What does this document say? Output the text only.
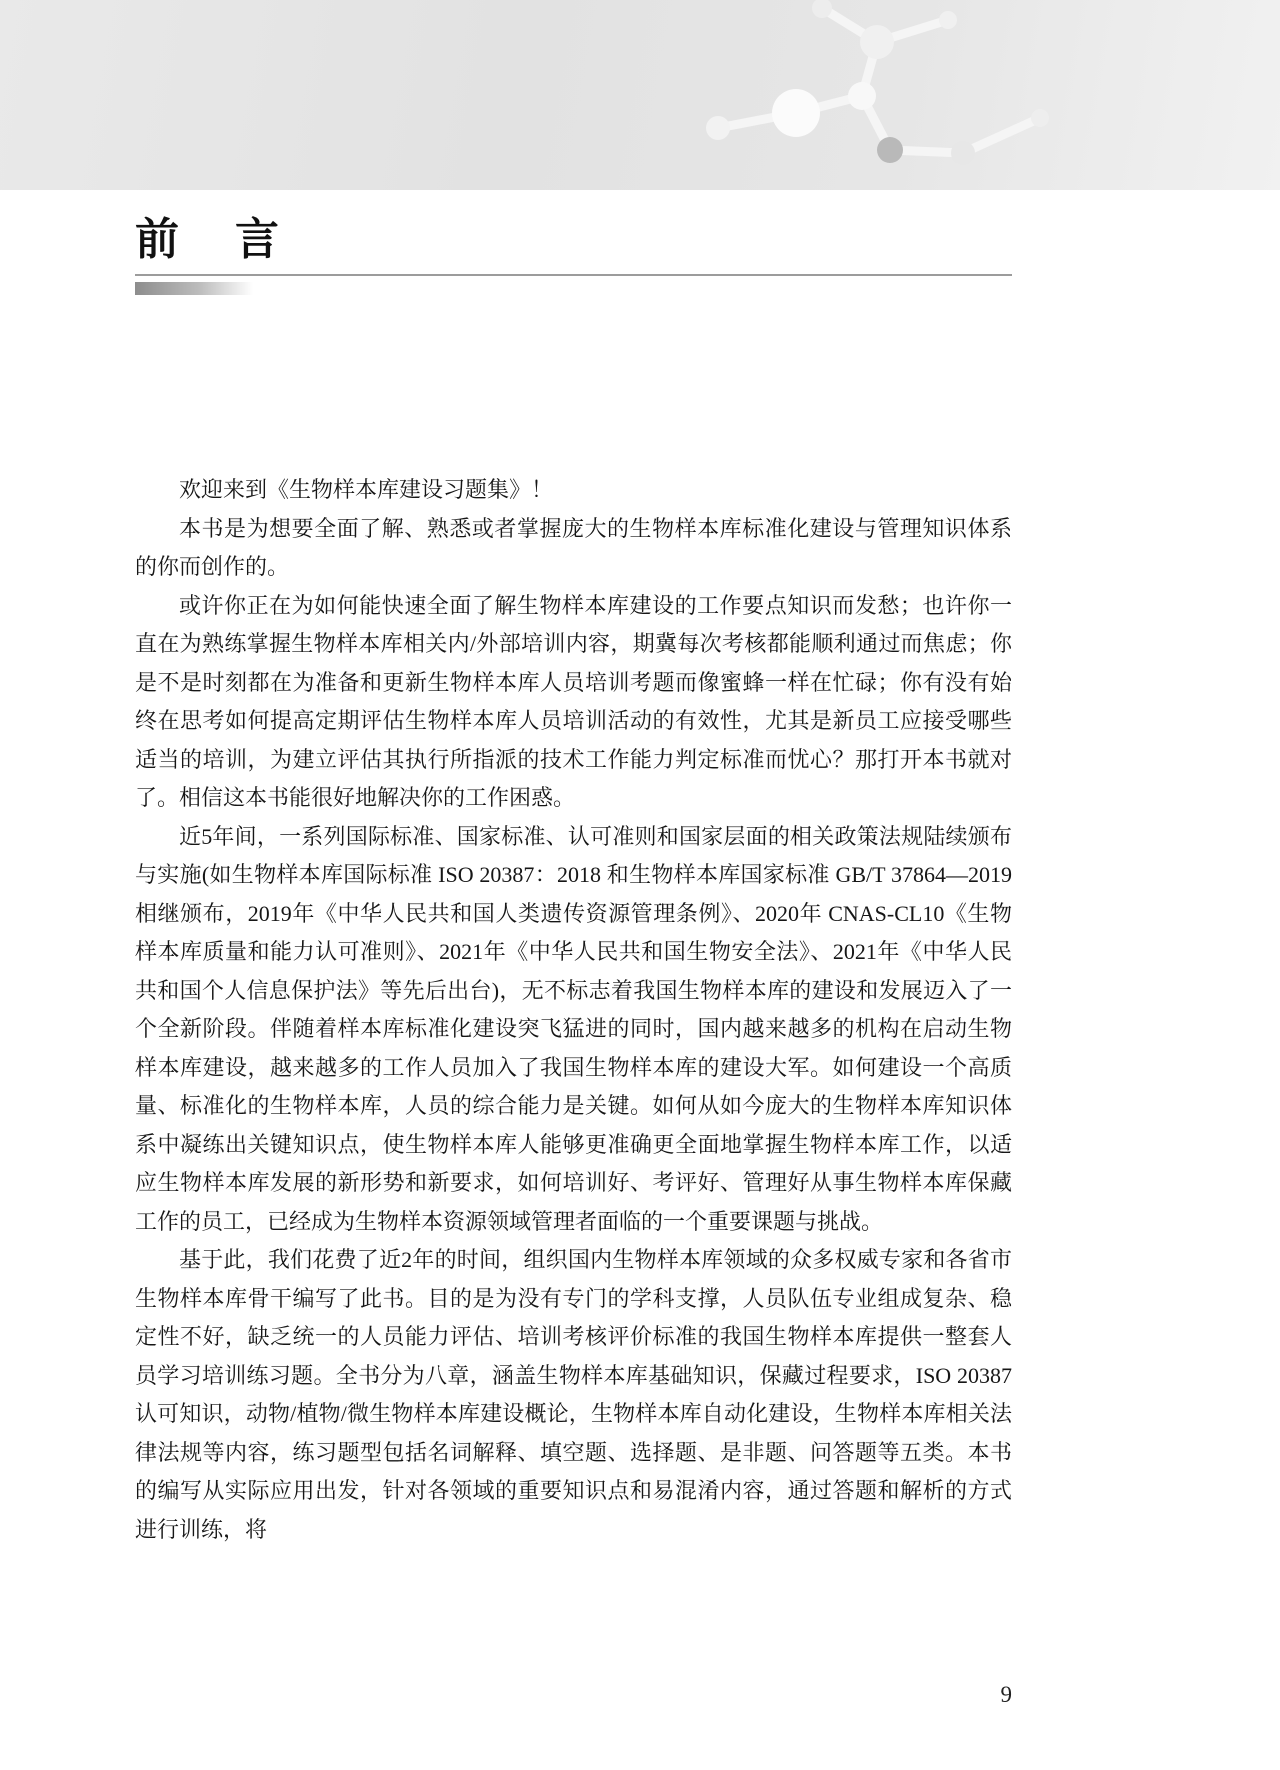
前　言

欢迎来到《生物样本库建设习题集》！

本书是为想要全面了解、熟悉或者掌握庞大的生物样本库标准化建设与管理知识体系的你而创作的。

或许你正在为如何能快速全面了解生物样本库建设的工作要点知识而发愁；也许你一直在为熟练掌握生物样本库相关内/外部培训内容，期冀每次考核都能顺利通过而焦虑；你是不是时刻都在为准备和更新生物样本库人员培训考题而像蜜蜂一样在忙碌；你有没有始终在思考如何提高定期评估生物样本库人员培训活动的有效性，尤其是新员工应接受哪些适当的培训，为建立评估其执行所指派的技术工作能力判定标准而忧心？那打开本书就对了。相信这本书能很好地解决你的工作困惑。

近5年间，一系列国际标准、国家标准、认可准则和国家层面的相关政策法规陆续颁布与实施(如生物样本库国际标准 ISO 20387：2018 和生物样本库国家标准 GB/T 37864—2019 相继颁布，2019年《中华人民共和国人类遗传资源管理条例》、2020年 CNAS-CL10《生物样本库质量和能力认可准则》、2021年《中华人民共和国生物安全法》、2021年《中华人民共和国个人信息保护法》等先后出台)，无不标志着我国生物样本库的建设和发展迈入了一个全新阶段。伴随着样本库标准化建设突飞猛进的同时，国内越来越多的机构在启动生物样本库建设，越来越多的工作人员加入了我国生物样本库的建设大军。如何建设一个高质量、标准化的生物样本库，人员的综合能力是关键。如何从如今庞大的生物样本库知识体系中凝练出关键知识点，使生物样本库人能够更准确更全面地掌握生物样本库工作，以适应生物样本库发展的新形势和新要求，如何培训好、考评好、管理好从事生物样本库保藏工作的员工，已经成为生物样本资源领域管理者面临的一个重要课题与挑战。

基于此，我们花费了近2年的时间，组织国内生物样本库领域的众多权威专家和各省市生物样本库骨干编写了此书。目的是为没有专门的学科支撑，人员队伍专业组成复杂、稳定性不好，缺乏统一的人员能力评估、培训考核评价标准的我国生物样本库提供一整套人员学习培训练习题。全书分为八章，涵盖生物样本库基础知识，保藏过程要求，ISO 20387 认可知识，动物/植物/微生物样本库建设概论，生物样本库自动化建设，生物样本库相关法律法规等内容，练习题型包括名词解释、填空题、选择题、是非题、问答题等五类。本书的编写从实际应用出发，针对各领域的重要知识点和易混淆内容，通过答题和解析的方式进行训练，将

9
